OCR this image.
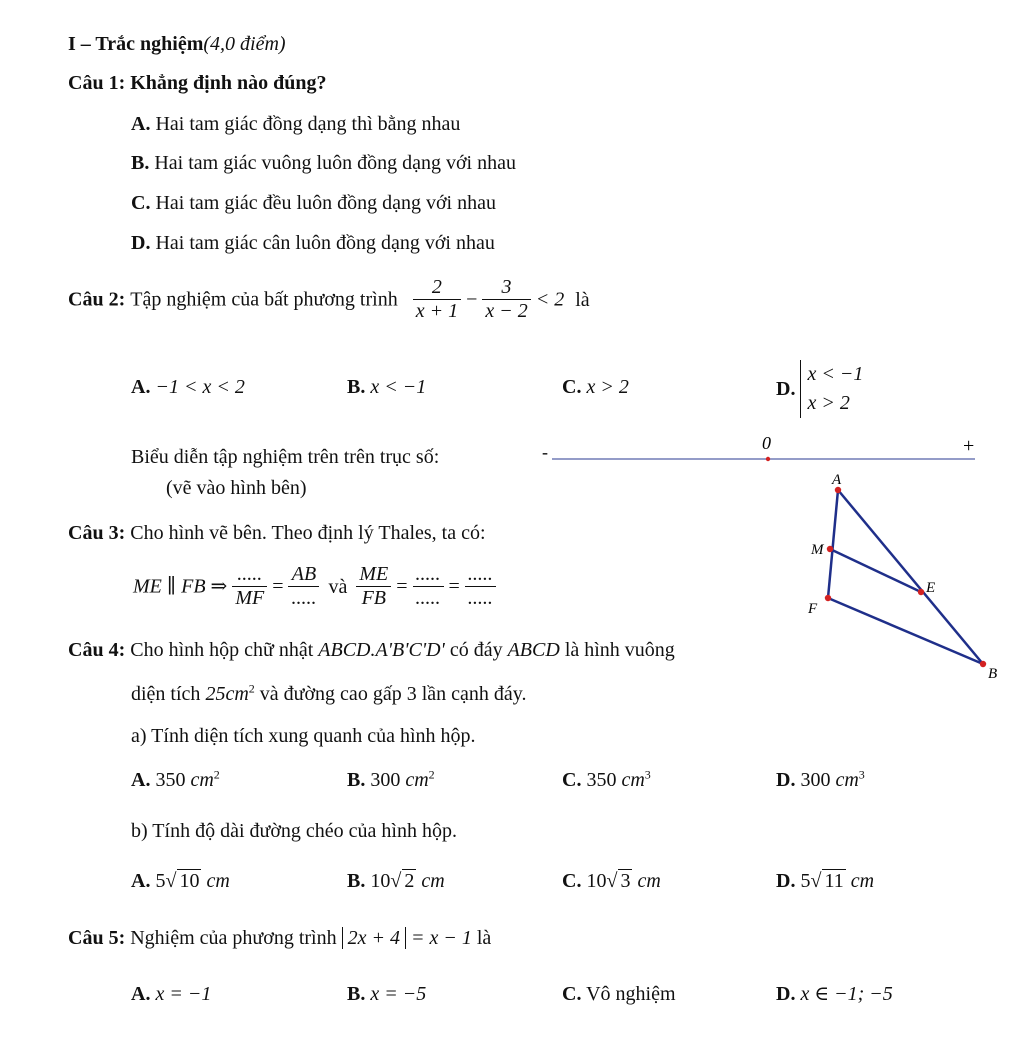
I – Trắc nghiệm(4,0 điểm)
Câu 1: Khẳng định nào đúng?
A. Hai tam giác đồng dạng thì bằng nhau
B. Hai tam giác vuông luôn đồng dạng với nhau
C. Hai tam giác đều luôn đồng dạng với nhau
D. Hai tam giác cân luôn đồng dạng với nhau
Câu 2: Tập nghiệm của bất phương trình $\frac{2}{x + 1} - \frac{3}{x - 2} < 2$ là
A. −1 < x < 2	B. x < −1	C. x > 2	D. x < −1
x > 2
Biểu diễn tập nghiệm trên trên trục số:
(vẽ vào hình bên)
-	0	+
A
M
E
F
B
Câu 3: Cho hình vẽ bên. Theo định lý Thales, ta có:
ME ∥ FB ⇒ $\frac{.....}{MF} = \frac{AB}{.....}$ và $\frac{ME}{FB} = \frac{.....}{.....} = \frac{.....}{.....}$
Câu 4: Cho hình hộp chữ nhật ABCD.A'B'C'D' có đáy ABCD là hình vuông
diện tích $25cm^2$ và đường cao gấp 3 lần cạnh đáy.
a) Tính diện tích xung quanh của hình hộp.
A. 350 $cm^2$	B. 300 $cm^2$	C. 350 $cm^3$	D. 300 $cm^3$
b) Tính độ dài đường chéo của hình hộp.
A. 5√ 10 cm	B. 10√ 2 cm	C. 10√ 3 cm	D. 5√ 11 cm
Câu 5: Nghiệm của phương trình 2x + 4 = x − 1 là
A. x = −1	B. x = −5	C. Vô nghiệm	D. x ∈ −1; −5
